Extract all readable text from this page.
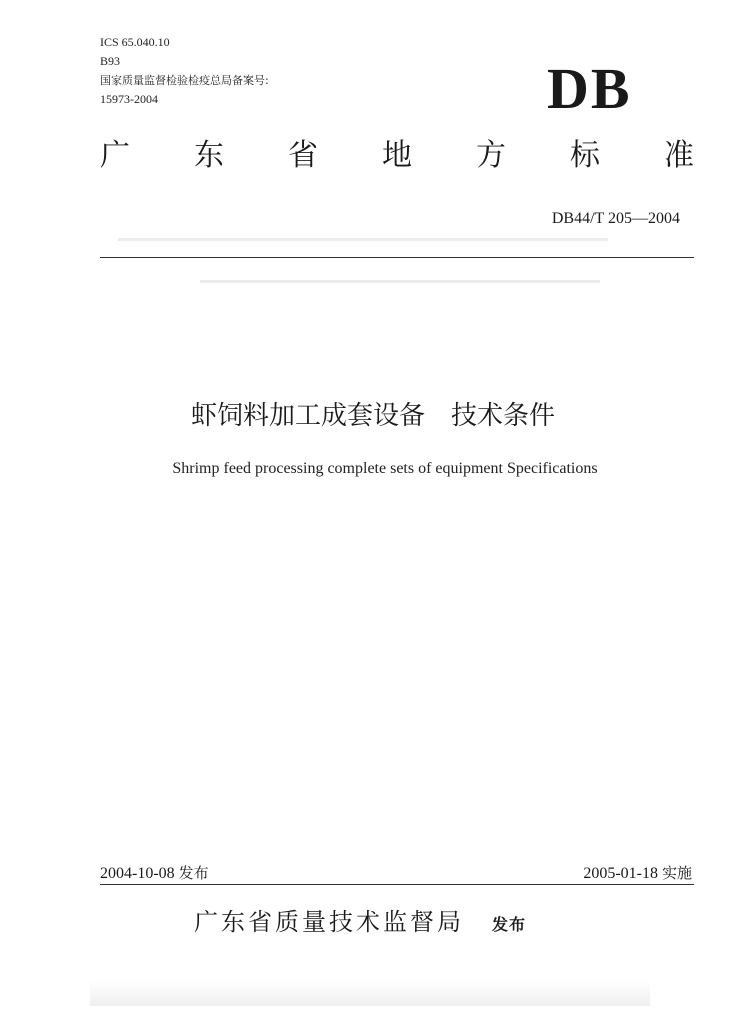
ICS 65.040.10
B93
国家质量监督检验检疫总局备案号:
15973-2004	DB
广 东 省 地 方 标 准
DB44/T 205—2004
虾饲料加工成套设备　技术条件
Shrimp feed processing complete sets of equipment Specifications
2004-10-08 发布	2005-01-18 实施
广东省质量技术监督局 发布
